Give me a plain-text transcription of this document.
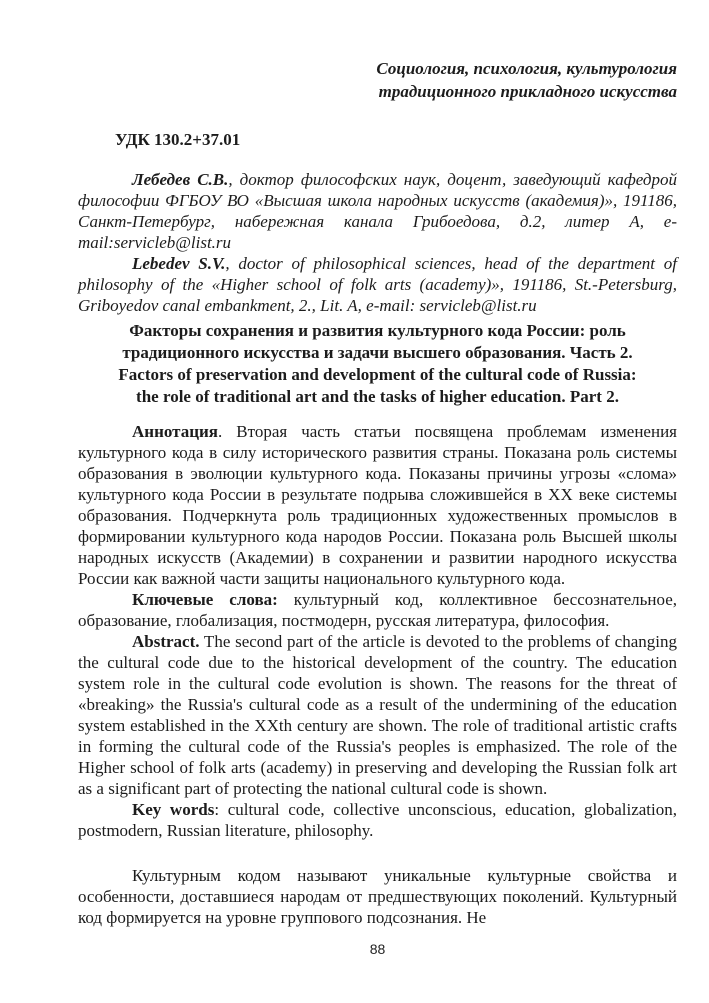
Социология, психология, культурология
традиционного прикладного искусства

УДК 130.2+37.01

Лебедев С.В., доктор философских наук, доцент, заведующий кафедрой философии ФГБОУ ВО «Высшая школа народных искусств (академия)», 191186, Санкт-Петербург, набережная канала Грибоедова, д.2, литер А, e-mail:servicleb@list.ru

Lebedev S.V., doctor of philosophical sciences, head of the department of philosophy of the «Higher school of folk arts (academy)», 191186, St.-Petersburg, Griboyedov canal embankment, 2., Lit. A, e-mail: servicleb@list.ru

Факторы сохранения и развития культурного кода России: роль
традиционного искусства и задачи высшего образования. Часть 2.
Factors of preservation and development of the cultural code of Russia:
the role of traditional art and the tasks of higher education. Part 2.

Аннотация. Вторая часть статьи посвящена проблемам изменения культурного кода в силу исторического развития страны. Показана роль системы образования в эволюции культурного кода. Показаны причины угрозы «слома» культурного кода России в результате подрыва сложившейся в XX веке системы образования. Подчеркнута роль традиционных художественных промыслов в формировании культурного кода народов России. Показана роль Высшей школы народных искусств (Академии) в сохранении и развитии народного искусства России как важной части защиты национального культурного кода.

Ключевые слова: культурный код, коллективное бессознательное, образование, глобализация, постмодерн, русская литература, философия.

Abstract. The second part of the article is devoted to the problems of changing the cultural code due to the historical development of the country. The education system role in the cultural code evolution is shown. The reasons for the threat of «breaking» the Russia's cultural code as a result of the undermining of the education system established in the XXth century are shown. The role of traditional artistic crafts in forming the cultural code of the Russia's peoples is emphasized. The role of the Higher school of folk arts (academy) in preserving and developing the Russian folk art as a significant part of protecting the national cultural code is shown.

Key words: cultural code, collective unconscious, education, globalization, postmodern, Russian literature, philosophy.

Культурным кодом называют уникальные культурные свойства и особенности, доставшиеся народам от предшествующих поколений. Культурный код формируется на уровне группового подсознания. Не

88
